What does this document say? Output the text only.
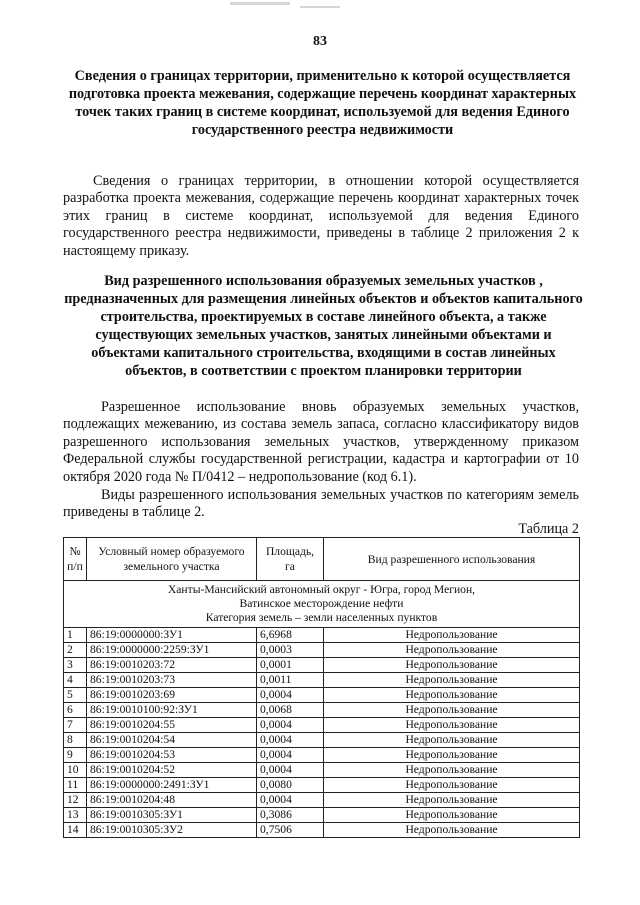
83
Сведения о границах территории, применительно к которой осуществляется подготовка проекта межевания, содержащие перечень координат характерных точек таких границ в системе координат, используемой для ведения Единого государственного реестра недвижимости
Сведения о границах территории, в отношении которой осуществляется разработка проекта межевания, содержащие перечень координат характерных точек этих границ в системе координат, используемой для ведения Единого государственного реестра недвижимости, приведены в таблице 2 приложения 2 к настоящему приказу.
Вид разрешенного использования образуемых земельных участков , предназначенных для размещения линейных объектов и объектов капитального строительства, проектируемых в составе линейного объекта, а также существующих земельных участков, занятых линейными объектами и объектами капитального строительства, входящими в состав линейных объектов, в соответствии с проектом планировки территории
Разрешенное использование вновь образуемых земельных участков, подлежащих межеванию, из состава земель запаса, согласно классификатору видов разрешенного использования земельных участков, утвержденному приказом Федеральной службы государственной регистрации, кадастра и картографии от 10 октября 2020 года № П/0412 – недропользование (код 6.1).
Виды разрешенного использования земельных участков по категориям земель приведены в таблице 2.
Таблица 2
№ п/п	Условный номер образуемого земельного участка	Площадь, га	Вид разрешенного использования

Ханты-Мансийский автономный округ - Югра, город Мегион,
Ватинское месторождение нефти
Категория земель – земли населенных пунктов			

1	86:19:0000000:ЗУ1	6,6968	Недропользование
2	86:19:0000000:2259:ЗУ1	0,0003	Недропользование
3	86:19:0010203:72	0,0001	Недропользование
4	86:19:0010203:73	0,0011	Недропользование
5	86:19:0010203:69	0,0004	Недропользование
6	86:19:0010100:92:ЗУ1	0,0068	Недропользование
7	86:19:0010204:55	0,0004	Недропользование
8	86:19:0010204:54	0,0004	Недропользование
9	86:19:0010204:53	0,0004	Недропользование
10	86:19:0010204:52	0,0004	Недропользование
11	86:19:0000000:2491:ЗУ1	0,0080	Недропользование
12	86:19:0010204:48	0,0004	Недропользование
13	86:19:0010305:ЗУ1	0,3086	Недропользование
14	86:19:0010305:ЗУ2	0,7506	Недропользование
